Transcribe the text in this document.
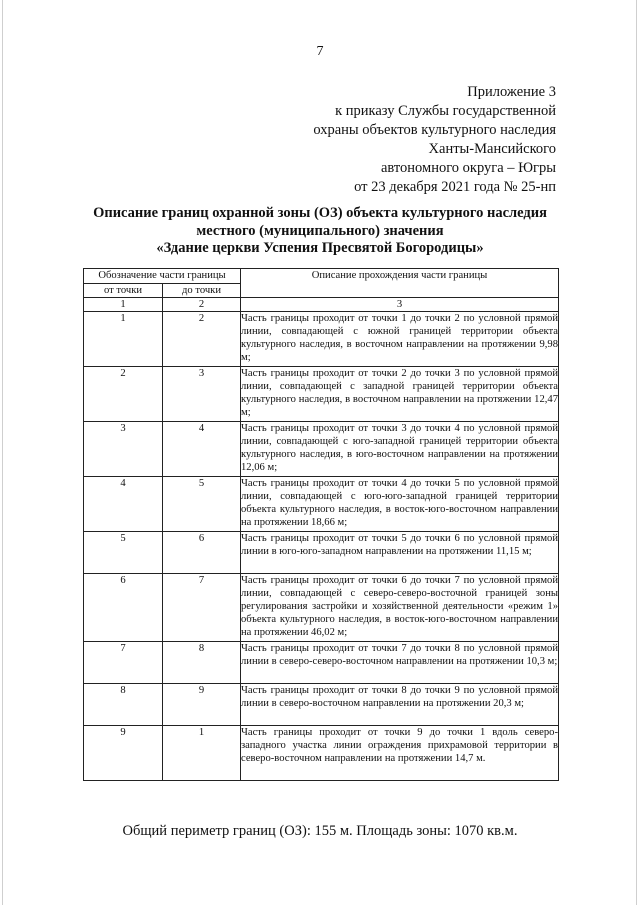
7
Приложение 3
к приказу Службы государственной
охраны объектов культурного наследия
Ханты-Мансийского
автономного округа – Югры
от 23 декабря 2021 года № 25-нп
Описание границ охранной зоны (ОЗ) объекта культурного наследия
местного (муниципального) значения
«Здание церкви Успения Пресвятой Богородицы»
Обозначение части границы		Описание прохождения части границы
от точки	до точки	
1	2	3
1	2	Часть границы проходит от точки 1 до точки 2 по условной прямой линии, совпадающей с южной границей территории объекта культурного наследия, в восточном направлении на протяжении 9,98 м;
2	3	Часть границы проходит от точки 2 до точки 3 по условной прямой линии, совпадающей с западной границей территории объекта культурного наследия, в восточном направлении на протяжении 12,47 м;
3	4	Часть границы проходит от точки 3 до точки 4 по условной прямой линии, совпадающей с юго-западной границей территории объекта культурного наследия, в юго-восточном направлении на протяжении 12,06 м;
4	5	Часть границы проходит от точки 4 до точки 5 по условной прямой линии, совпадающей с юго-юго-западной границей территории объекта культурного наследия, в восток-юго-восточном направлении на протяжении 18,66 м;
5	6	Часть границы проходит от точки 5 до точки 6 по условной прямой линии в юго-юго-западном направлении на протяжении 11,15 м;
6	7	Часть границы проходит от точки 6 до точки 7 по условной прямой линии, совпадающей с северо-северо-восточной границей зоны регулирования застройки и хозяйственной деятельности «режим 1» объекта культурного наследия, в восток-юго-восточном направлении на протяжении 46,02 м;
7	8	Часть границы проходит от точки 7 до точки 8 по условной прямой линии в северо-северо-восточном направлении на протяжении 10,3 м;
8	9	Часть границы проходит от точки 8 до точки 9 по условной прямой линии в северо-восточном направлении на протяжении 20,3 м;
9	1	Часть границы проходит от точки 9 до точки 1 вдоль северо-западного участка линии ограждения прихрамовой территории в северо-восточном направлении на протяжении 14,7 м.
Общий периметр границ (ОЗ): 155 м. Площадь зоны: 1070 кв.м.
